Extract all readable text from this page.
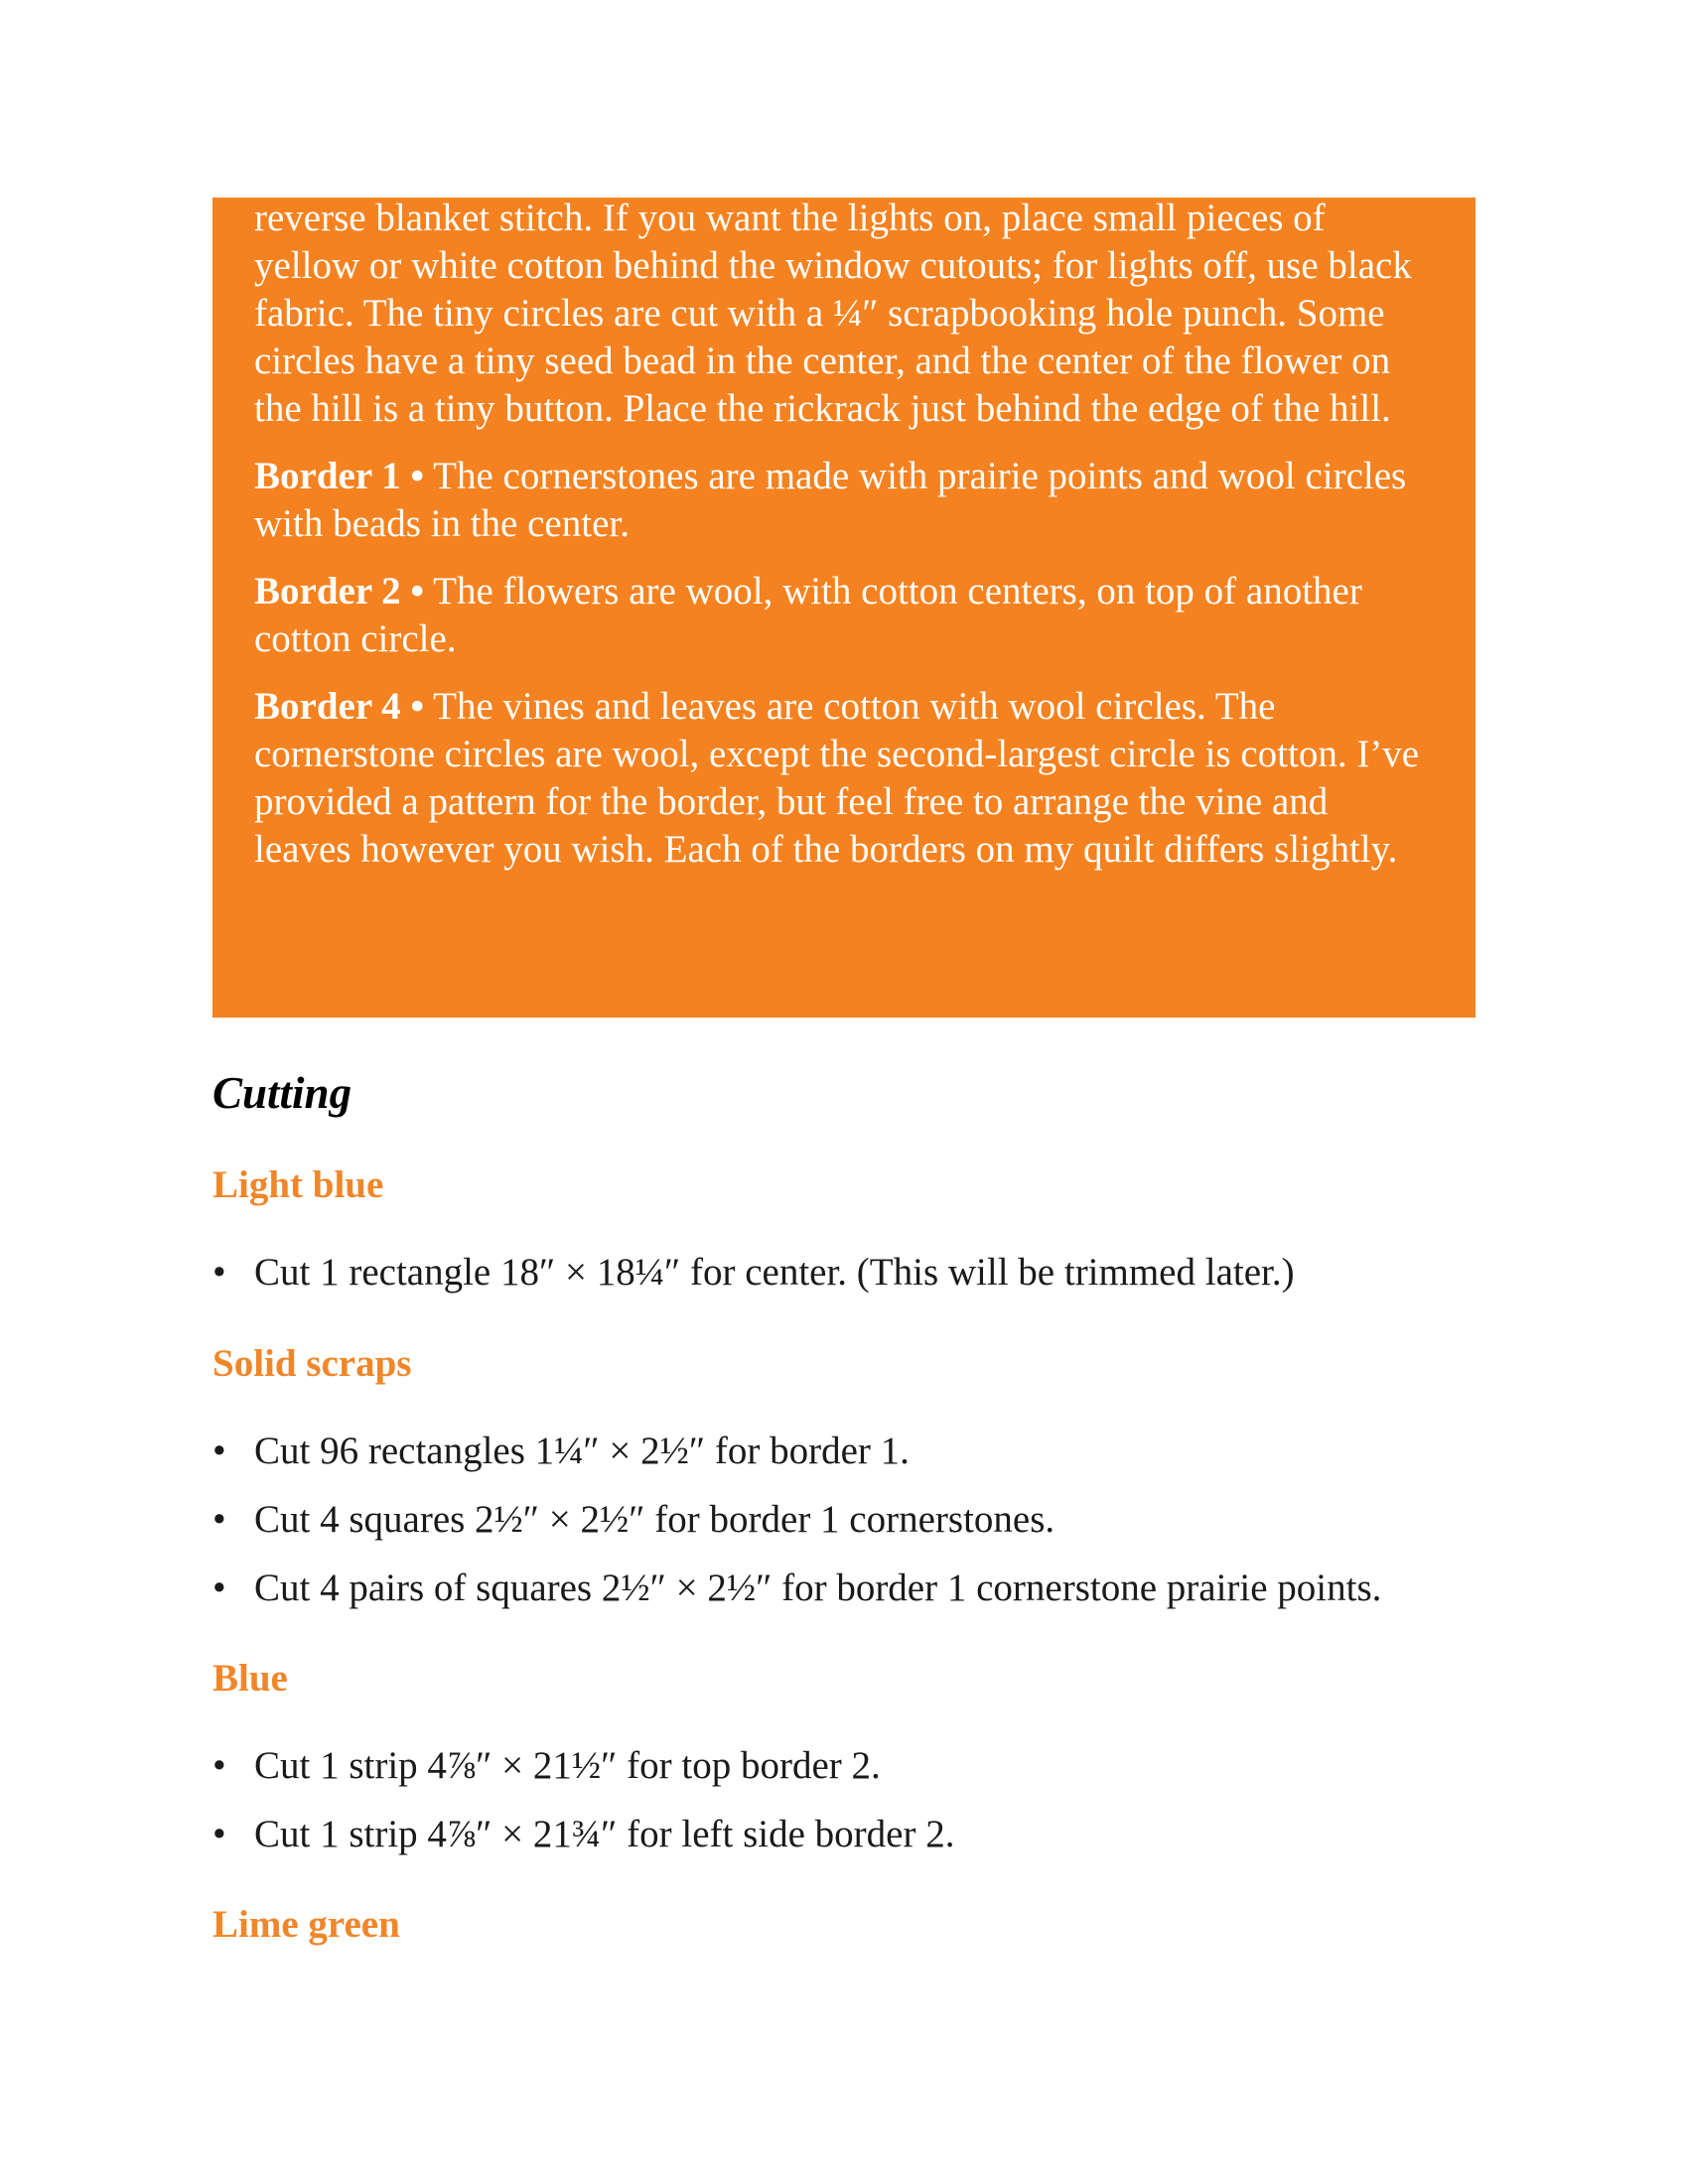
reverse blanket stitch. If you want the lights on, place small pieces of yellow or white cotton behind the window cutouts; for lights off, use black fabric. The tiny circles are cut with a ¼″ scrapbooking hole punch. Some circles have a tiny seed bead in the center, and the center of the flower on the hill is a tiny button. Place the rickrack just behind the edge of the hill.

Border 1 • The cornerstones are made with prairie points and wool circles with beads in the center.

Border 2 • The flowers are wool, with cotton centers, on top of another cotton circle.

Border 4 • The vines and leaves are cotton with wool circles. The cornerstone circles are wool, except the second-largest circle is cotton. I’ve provided a pattern for the border, but feel free to arrange the vine and leaves however you wish. Each of the borders on my quilt differs slightly.

Cutting
Light blue
• Cut 1 rectangle 18″ × 18¼″ for center. (This will be trimmed later.)
Solid scraps
• Cut 96 rectangles 1¼″ × 2½″ for border 1.
• Cut 4 squares 2½″ × 2½″ for border 1 cornerstones.
• Cut 4 pairs of squares 2½″ × 2½″ for border 1 cornerstone prairie points.
Blue
• Cut 1 strip 4⅞″ × 21½″ for top border 2.
• Cut 1 strip 4⅞″ × 21¾″ for left side border 2.
Lime green
